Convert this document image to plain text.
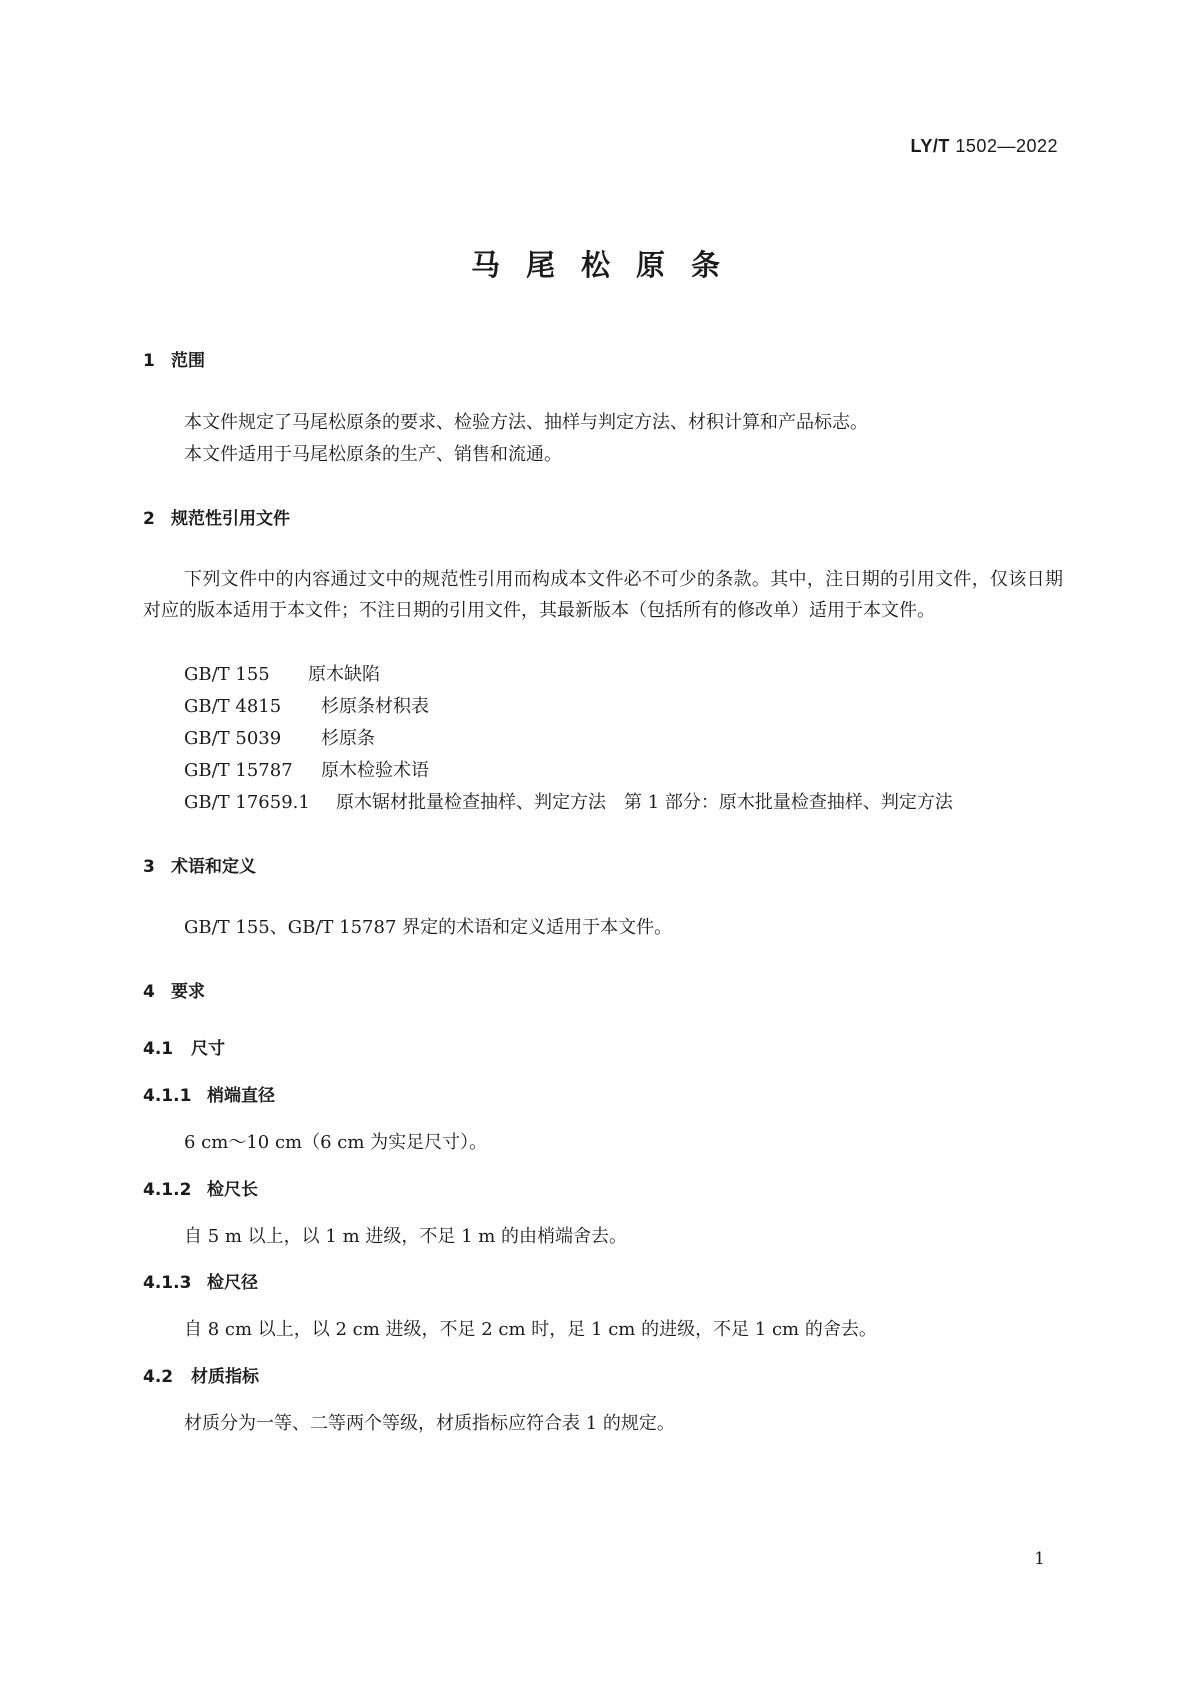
LY/T 1502—2022
马尾松原条
1 范围
本文件规定了马尾松原条的要求、检验方法、抽样与判定方法、材积计算和产品标志。
本文件适用于马尾松原条的生产、销售和流通。
2 规范性引用文件
下列文件中的内容通过文中的规范性引用而构成本文件必不可少的条款。其中，注日期的引用文件，仅该日期对应的版本适用于本文件；不注日期的引用文件，其最新版本（包括所有的修改单）适用于本文件。
GB/T 155 原木缺陷
GB/T 4815 杉原条材积表
GB/T 5039 杉原条
GB/T 15787 原木检验术语
GB/T 17659.1 原木锯材批量检查抽样、判定方法　第 1 部分：原木批量检查抽样、判定方法
3 术语和定义
GB/T 155、GB/T 15787 界定的术语和定义适用于本文件。
4 要求
4.1 尺寸
4.1.1 梢端直径
6 cm～10 cm（6 cm 为实足尺寸）。
4.1.2 检尺长
自 5 m 以上，以 1 m 进级，不足 1 m 的由梢端舍去。
4.1.3 检尺径
自 8 cm 以上，以 2 cm 进级，不足 2 cm 时，足 1 cm 的进级，不足 1 cm 的舍去。
4.2 材质指标
材质分为一等、二等两个等级，材质指标应符合表 1 的规定。
1
